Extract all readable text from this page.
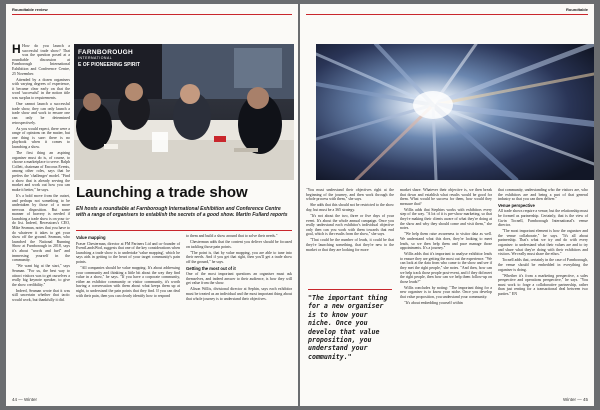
Roundtable review

H How do you launch a successful trade show? That was the question posed at a roundtable discussion at Farnborough International Exhibition and Conference Centre, 25 November.

Attended by a dozen organisers with varying degrees of experience, it became clear early on that the word 'successful' in the notion title was surplus to requirements.

One cannot launch a successful trade show, they can only launch a trade show and work to ensure one can only be determined retrospectively.

As you would expect, there were a range of opinions on the matter, but one thing is sure: there is no playbook when it comes to launching a show.

The first thing an aspiring organiser must do is, of course, to choose a marketplace to serve. Ralph Collett, chairman of Encorus Events, among other roles, says that he prefers the 'challenger' model. "Find a show that is already serving the market and work out how you can make it better," he says.

It's a bold move from the outset, and perhaps not something to be undertaken by those of a more nervous disposition. But some manner of bravery is needed if launching a trade show is on your to-do list. Indeed, Recessions's CEO, Mike Seaman, notes that you have to do whatever it takes to get your show off the ground. Seaman, who launched the National Running Show at Farnborough in 2018, says it's about "words and fuel" and immersing yourself in the community.

"We want big at the start," says Seaman. "For us, the best way to attract visitors was to get ourselves a really big keynote speaker, to give the show credibility."

Indeed, Seaman wrote that it was still uncertain whether that tactic would work, but thankfully it did.

FARNBOROUGH
INTERNATIONAL
E OF PIONEERING SPIRIT
Launching a trade show
EN hosts a roundtable at Farnborough International Exhibition and Conference Centre with a range of organisers to establish the secrets of a good show. Martin Fullard reports
Value mapping

Fraser Chesterman, director at FM Partners Ltd and co-founder of EventLandsWod, suggests that one of the key considerations when launching a trade show is to undertake 'value mapping', which he says aids in getting to the heart of your target community's pain points.

"All companies should be value mapping. It's about addressing your community and thinking a little bit about the way they find value in a show," he says. "If you have a corporate community, either an exhibitor community or visitor community, it's worth having a conversation with them about what keeps them up at night, to understand the pain points that they find. If you can deal with their pain, then you can clearly identify how to respond

to them and build a show around that to solve their needs."

Chesterman adds that the content you deliver should be focused on tackling those pain points.

"The point is, that by value mapping, you are able to tune into their needs. And if you get that right, then you'll get a trade show off the ground," he says.

Getting the most out of it

One of the most important questions an organiser must ask themselves, and indeed answer to their audience, is how they will get value from the show.

Alison Willis, divisional director at Sephin, says each exhibitor must be treated as an individual and the most important thing about that whole journey is to understand their objectives.

44 — Winter
Roundtable

"You must understand their objectives right at the beginning of the journey, and then work through the whole process with them," she says.

She adds that this should not be restricted to the show day, but must be a 365 strategy.

"It's not about the two, three or five days of your event. It's about the whole annual campaign. Once you really understand each exhibitor's individual objective only then can you work with them towards that end goal, which is the results from the show," she says.

"That could be the number of leads, it could be that they're launching something, that they're new to the market or that they are looking for more

"The important thing for a new organiser is to know your niche. Once you develop that value proposition, you understand your community."

market share. Whatever their objective is, we then break that down and establish what results would be good for them. What would be success for them, how would they measure that?

Willis adds that Stephins works with exhibitors every step of the way. "A lot of it is pre-show marketing, so that they're making their clients aware of what they're doing at the show and why they should come and visit them," she notes.

"We help them raise awareness to visitor data as well. We understand what this does, they're looking to meet leads, so we then help them and pace manage those appointments. It's a journey."

Willis adds that it's important to analyse exhibitor leads to ensure they are getting the most out the experience. "We can look at the data from who came to the show and see if they met the right people," she notes. "And then, how can we help track those people post-event, and if they did meet the right people, then how can we help them follow-up on those leads?"

Willis concludes by noting: "The important thing for a new organiser is to know your niche. Once you develop that value proposition, you understand your community.

"It's about embedding yourself within

that community, understanding who the visitors are, who the exhibitors are and being a part of that general industry so that you can then deliver."

Venue perspective

All trade shows require a venue, but the relationship must be formed as partnership. Certainly, that is the view of Gwin Tocnell, Farnborough International's venue director.

"The most important element is how the organiser and the venue collaborate," he says. "It's all about partnership. That's what we try and do with every organiser: to understand what their values are and to try and share what they're doing with their exhibitors and visitors. We really must share the ethos."

Tocnell adds that, certainly in the case of Farnborough, the venue should be embedded in everything the organiser is doing.

"Whether it's from a marketing perspective, a sales perspective and operations perspective," he says. "You must work to forge a collaborative partnership, rather than just renting for a transactional deal between two parties." EN

Winter — 45
